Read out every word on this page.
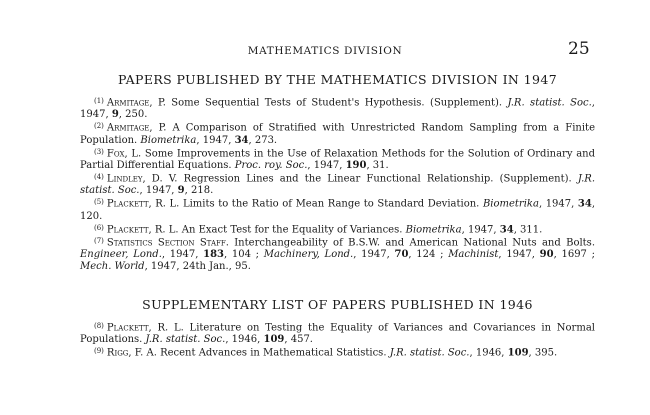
MATHEMATICS DIVISION	25
PAPERS PUBLISHED BY THE MATHEMATICS DIVISION IN 1947

$^{(1)}$ Armitage, P. Some Sequential Tests of Student's Hypothesis. (Supplement). J.R. statist. Soc., 1947, 9, 250.

$^{(2)}$ Armitage, P. A Comparison of Stratified with Unrestricted Random Sampling from a Finite Population. Biometrika, 1947, 34, 273.

$^{(3)}$ Fox, L. Some Improvements in the Use of Relaxation Methods for the Solution of Ordinary and Partial Differential Equations. Proc. roy. Soc., 1947, 190, 31.

$^{(4)}$ Lindley, D. V. Regression Lines and the Linear Functional Relationship. (Supplement). J.R. statist. Soc., 1947, 9, 218.

$^{(5)}$ Plackett, R. L. Limits to the Ratio of Mean Range to Standard Deviation. Biometrika, 1947, 34, 120.

$^{(6)}$ Plackett, R. L. An Exact Test for the Equality of Variances. Biometrika, 1947, 34, 311.

$^{(7)}$ Statistics Section Staff. Interchangeability of B.S.W. and American National Nuts and Bolts. Engineer, Lond., 1947, 183, 104 ; Machinery, Lond., 1947, 70, 124 ; Machinist, 1947, 90, 1697 ; Mech. World, 1947, 24th Jan., 95.

SUPPLEMENTARY LIST OF PAPERS PUBLISHED IN 1946

$^{(8)}$ Plackett, R. L. Literature on Testing the Equality of Variances and Covariances in Normal Populations. J.R. statist. Soc., 1946, 109, 457.

$^{(9)}$ Rigg, F. A. Recent Advances in Mathematical Statistics. J.R. statist. Soc., 1946, 109, 395.
